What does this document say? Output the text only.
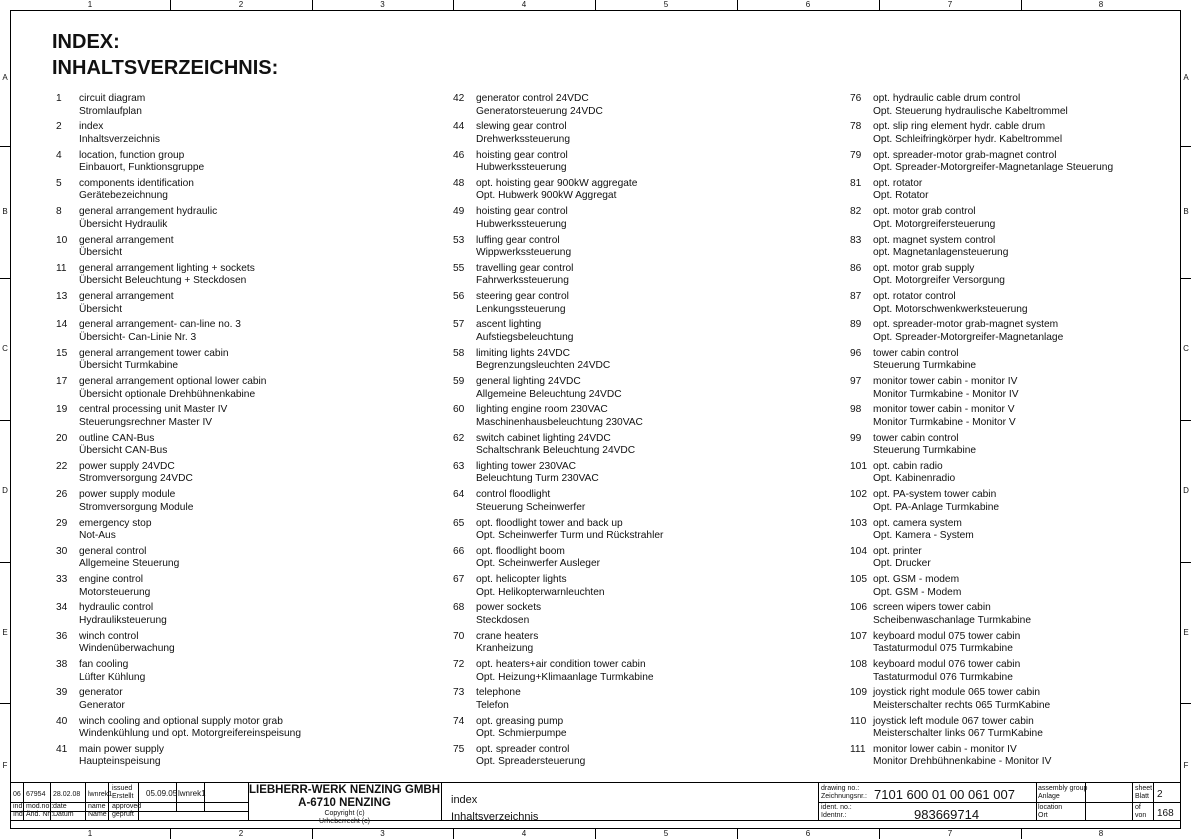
1
1
2
2
3
3
4
4
5
5
6
6
7
7
8
8
A	A
B	B
C	C
D	D
E	E
F	F
INDEX:
INHALTSVERZEICHNIS:
1 circuit diagram
Stromlaufplan
2 index
Inhaltsverzeichnis
4 location, function group
Einbauort, Funktionsgruppe
5 components identification
Gerätebezeichnung
8 general arrangement hydraulic
Übersicht Hydraulik
10 general arrangement
Übersicht
11 general arrangement lighting + sockets
Übersicht Beleuchtung + Steckdosen
13 general arrangement
Übersicht
14 general arrangement- can-line no. 3
Übersicht- Can-Linie Nr. 3
15 general arrangement tower cabin
Übersicht Turmkabine
17 general arrangement optional lower cabin
Übersicht optionale Drehbühnenkabine
19 central processing unit Master IV
Steuerungsrechner Master IV
20 outline CAN-Bus
Übersicht CAN-Bus
22 power supply 24VDC
Stromversorgung 24VDC
26 power supply module
Stromversorgung Module
29 emergency stop
Not-Aus
30 general control
Allgemeine Steuerung
33 engine control
Motorsteuerung
34 hydraulic control
Hydrauliksteuerung
36 winch control
Windenüberwachung
38 fan cooling
Lüfter Kühlung
39 generator
Generator
40 winch cooling and optional supply motor grab
Windenkühlung und opt. Motorgreifereinspeisung
41 main power supply
Haupteinspeisung
42 generator control 24VDC
Generatorsteuerung 24VDC
44 slewing gear control
Drehwerkssteuerung
46 hoisting gear control
Hubwerkssteuerung
48 opt. hoisting gear 900kW aggregate
Opt. Hubwerk 900kW Aggregat
49 hoisting gear control
Hubwerkssteuerung
53 luffing gear control
Wippwerkssteuerung
55 travelling gear control
Fahrwerkssteuerung
56 steering gear control
Lenkungssteuerung
57 ascent lighting
Aufstiegsbeleuchtung
58 limiting lights 24VDC
Begrenzungsleuchten 24VDC
59 general lighting 24VDC
Allgemeine Beleuchtung 24VDC
60 lighting engine room 230VAC
Maschinenhausbeleuchtung 230VAC
62 switch cabinet lighting 24VDC
Schaltschrank Beleuchtung 24VDC
63 lighting tower 230VAC
Beleuchtung Turm 230VAC
64 control floodlight
Steuerung Scheinwerfer
65 opt. floodlight tower and back up
Opt. Scheinwerfer Turm und Rückstrahler
66 opt. floodlight boom
Opt. Scheinwerfer Ausleger
67 opt. helicopter lights
Opt. Helikopterwarnleuchten
68 power sockets
Steckdosen
70 crane heaters
Kranheizung
72 opt. heaters+air condition tower cabin
Opt. Heizung+Klimaanlage Turmkabine
73 telephone
Telefon
74 opt. greasing pump
Opt. Schmierpumpe
75 opt. spreader control
Opt. Spreadersteuerung
76 opt. hydraulic cable drum control
Opt. Steuerung hydraulische Kabeltrommel
78 opt. slip ring element hydr. cable drum
Opt. Schleifringkörper hydr. Kabeltrommel
79 opt. spreader-motor grab-magnet control
Opt. Spreader-Motorgreifer-Magnetanlage Steuerung
81 opt. rotator
Opt. Rotator
82 opt. motor grab control
Opt. Motorgreifersteuerung
83 opt. magnet system control
opt. Magnetanlagensteuerung
86 opt. motor grab supply
Opt. Motorgreifer Versorgung
87 opt. rotator control
Opt. Motorschwenkwerksteuerung
89 opt. spreader-motor grab-magnet system
Opt. Spreader-Motorgreifer-Magnetanlage
96 tower cabin control
Steuerung Turmkabine
97 monitor tower cabin - monitor IV
Monitor Turmkabine - Monitor IV
98 monitor tower cabin - monitor V
Monitor Turmkabine - Monitor V
99 tower cabin control
Steuerung Turmkabine
101 opt. cabin radio
Opt. Kabinenradio
102 opt. PA-system tower cabin
Opt. PA-Anlage Turmkabine
103 opt. camera system
Opt. Kamera - System
104 opt. printer
Opt. Drucker
105 opt. GSM - modem
Opt. GSM - Modem
106 screen wipers tower cabin
Scheibenwaschanlage Turmkabine
107 keyboard modul 075 tower cabin
Tastaturmodul 075 Turmkabine
108 keyboard modul 076 tower cabin
Tastaturmodul 076 Turmkabine
109 joystick right module 065 tower cabin
Meisterschalter rechts 065 TurmKabine
110 joystick left module 067 tower cabin
Meisterschalter links 067 TurmKabine
111 monitor lower cabin - monitor IV
Monitor Drehbühnenkabine - Monitor IV
06 67954 28.02.08 lwnrek1
issued
Erstellt 05.09.05 lwnrek1
ind:
Ind:
mod.no.:
Änd. Nr.:
date
Datum
name
Name
approved
geprüft
LIEBHERR-WERK NENZING GMBH
A-6710 NENZING
Copyright (c)
Urheberrecht (c)
index
Inhaltsverzeichnis
drawing no.:
Zeichnungsnr.: 7101 600 01 00 061 007
ident. no.:
Identnr.:	983669714
assembly group
Anlage
location
Ort
sheet
Blatt 2
of
von 168
